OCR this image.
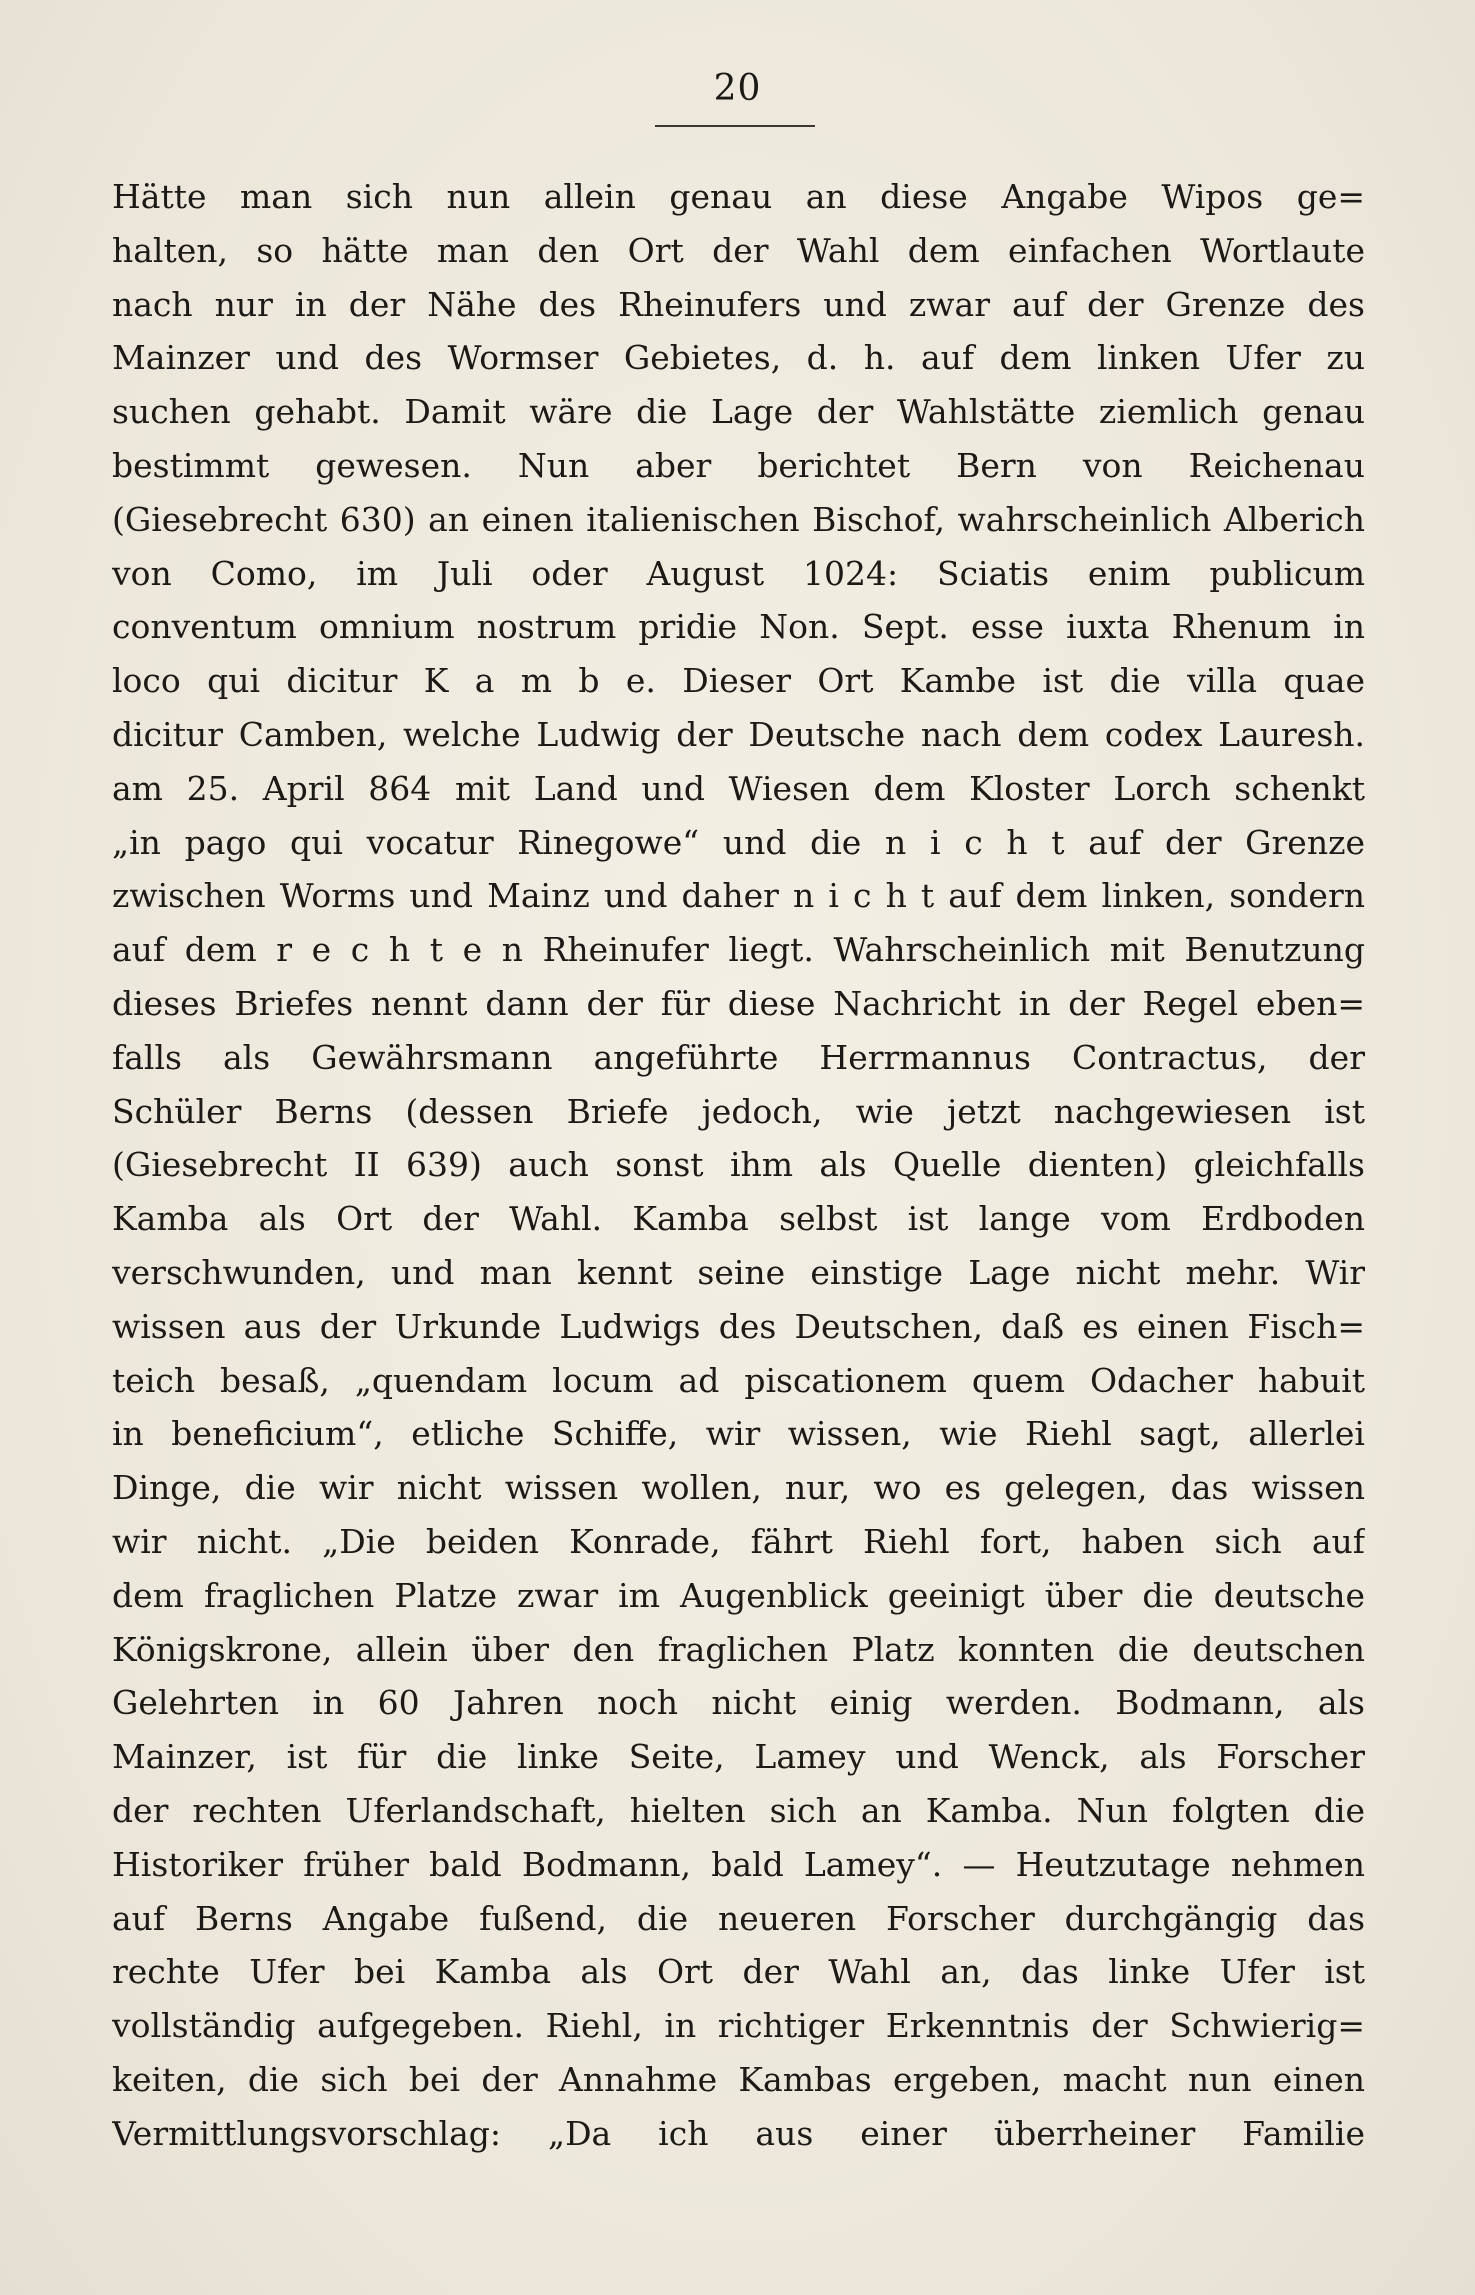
20
Hätte man sich nun allein genau an diese Angabe Wipos ge=
halten, so hätte man den Ort der Wahl dem einfachen Wortlaute
nach nur in der Nähe des Rheinufers und zwar auf der Grenze des
Mainzer und des Wormser Gebietes, d. h. auf dem linken Ufer zu
suchen gehabt. Damit wäre die Lage der Wahlstätte ziemlich genau
bestimmt gewesen. Nun aber berichtet Bern von Reichenau
(Giesebrecht 630) an einen italienischen Bischof, wahrscheinlich Alberich
von Como, im Juli oder August 1024: Sciatis enim publicum
conventum omnium nostrum pridie Non. Sept. esse iuxta Rhenum in
loco qui dicitur K a m b e. Dieser Ort Kambe ist die villa quae
dicitur Camben, welche Ludwig der Deutsche nach dem codex Lauresh.
am 25. April 864 mit Land und Wiesen dem Kloster Lorch schenkt
„in pago qui vocatur Rinegowe“ und die n i c h t auf der Grenze
zwischen Worms und Mainz und daher n i c h t auf dem linken, sondern
auf dem r e c h t e n Rheinufer liegt. Wahrscheinlich mit Benutzung
dieses Briefes nennt dann der für diese Nachricht in der Regel eben=
falls als Gewährsmann angeführte Herrmannus Contractus, der
Schüler Berns (dessen Briefe jedoch, wie jetzt nachgewiesen ist
(Giesebrecht II 639) auch sonst ihm als Quelle dienten) gleichfalls
Kamba als Ort der Wahl. Kamba selbst ist lange vom Erdboden
verschwunden, und man kennt seine einstige Lage nicht mehr. Wir
wissen aus der Urkunde Ludwigs des Deutschen, daß es einen Fisch=
teich besaß, „quendam locum ad piscationem quem Odacher habuit
in beneficium“, etliche Schiffe, wir wissen, wie Riehl sagt, allerlei
Dinge, die wir nicht wissen wollen, nur, wo es gelegen, das wissen
wir nicht. „Die beiden Konrade, fährt Riehl fort, haben sich auf
dem fraglichen Platze zwar im Augenblick geeinigt über die deutsche
Königskrone, allein über den fraglichen Platz konnten die deutschen
Gelehrten in 60 Jahren noch nicht einig werden. Bodmann, als
Mainzer, ist für die linke Seite, Lamey und Wenck, als Forscher
der rechten Uferlandschaft, hielten sich an Kamba. Nun folgten die
Historiker früher bald Bodmann, bald Lamey“. — Heutzutage nehmen
auf Berns Angabe fußend, die neueren Forscher durchgängig das
rechte Ufer bei Kamba als Ort der Wahl an, das linke Ufer ist
vollständig aufgegeben. Riehl, in richtiger Erkenntnis der Schwierig=
keiten, die sich bei der Annahme Kambas ergeben, macht nun einen
Vermittlungsvorschlag: „Da ich aus einer überrheiner Familie
